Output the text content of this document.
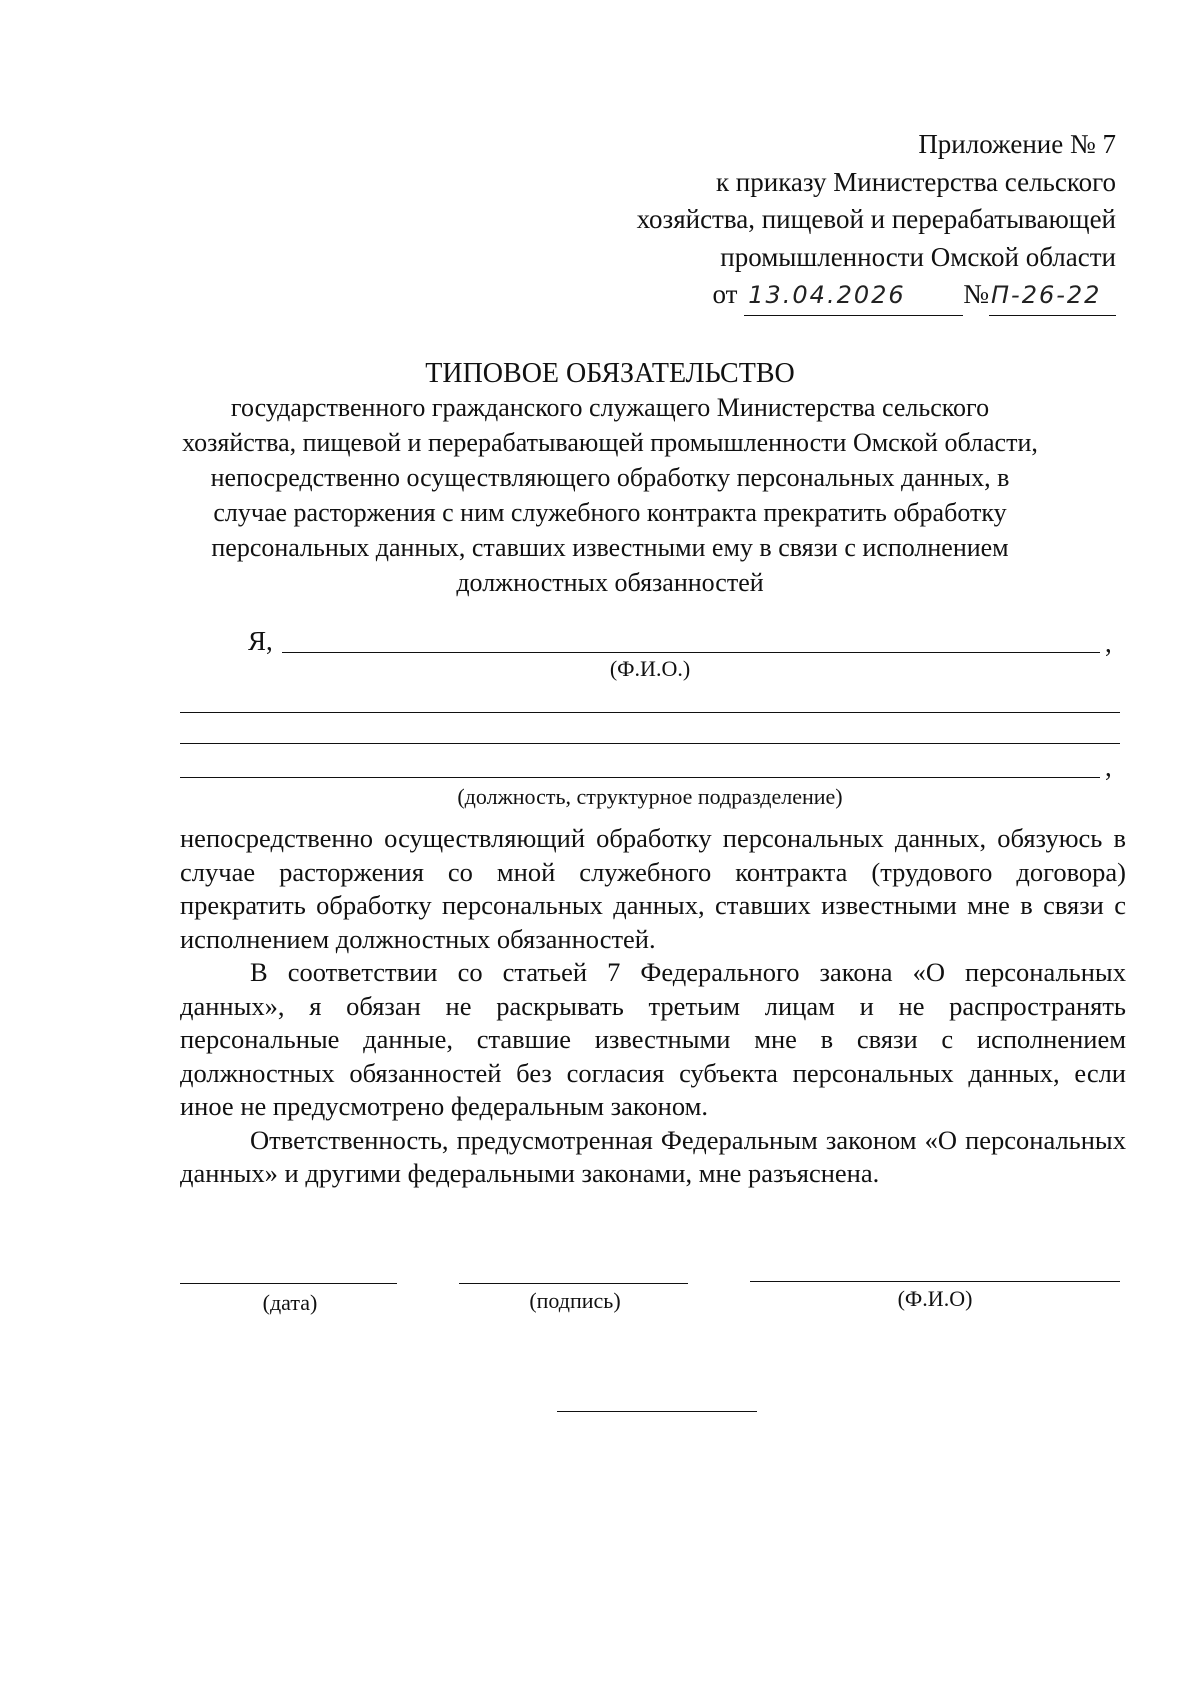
Приложение № 7
к приказу Министерства сельского
хозяйства, пищевой и перерабатывающей
промышленности Омской области
от 13.04.2026 №П-26-22
ТИПОВОЕ ОБЯЗАТЕЛЬСТВО
государственного гражданского служащего Министерства сельского
хозяйства, пищевой и перерабатывающей промышленности Омской области,
непосредственно осуществляющего обработку персональных данных, в
случае расторжения с ним служебного контракта прекратить обработку
персональных данных, ставших известными ему в связи с исполнением
должностных обязанностей
Я,	,
(Ф.И.О.)
,
(должность, структурное подразделение)

непосредственно осуществляющий обработку персональных данных, обязуюсь в случае расторжения со мной служебного контракта (трудового договора) прекратить обработку персональных данных, ставших известными мне в связи с исполнением должностных обязанностей.

В соответствии со статьей 7 Федерального закона «О персональных данных», я обязан не раскрывать третьим лицам и не распространять персональные данные, ставшие известными мне в связи с исполнением должностных обязанностей без согласия субъекта персональных данных, если иное не предусмотрено федеральным законом.

Ответственность, предусмотренная Федеральным законом «О персональных данных» и другими федеральными законами, мне разъяснена.

(дата)	(подпись)	(Ф.И.О)
